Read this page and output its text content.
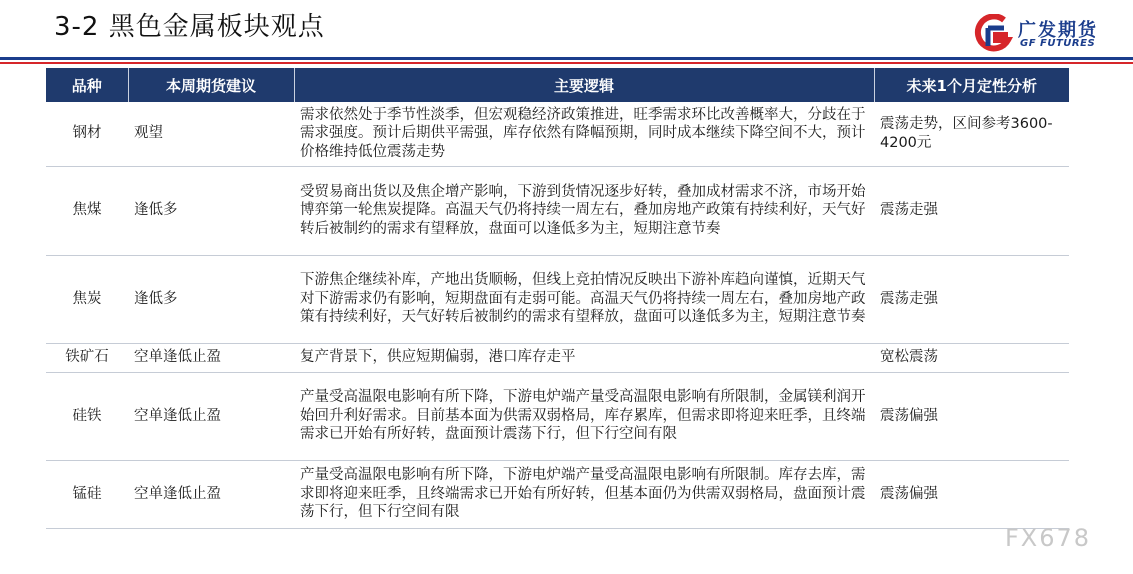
3-2 黑色金属板块观点	广发期货
GF FUTURES
品种	本周期货建议	主要逻辑	未来1个月定性分析
钢材	观望	需求依然处于季节性淡季，但宏观稳经济政策推进，旺季需求环比改善概率大，分歧在于需求强度。预计后期供平需强，库存依然有降幅预期，同时成本继续下降空间不大，预计价格维持低位震荡走势	震荡走势，区间参考3600-4200元
焦煤	逢低多	受贸易商出货以及焦企增产影响，下游到货情况逐步好转，叠加成材需求不济，市场开始博弈第一轮焦炭提降。高温天气仍将持续一周左右，叠加房地产政策有持续利好，天气好转后被制约的需求有望释放，盘面可以逢低多为主，短期注意节奏	震荡走强
焦炭	逢低多	下游焦企继续补库，产地出货顺畅，但线上竞拍情况反映出下游补库趋向谨慎，近期天气对下游需求仍有影响，短期盘面有走弱可能。高温天气仍将持续一周左右，叠加房地产政策有持续利好，天气好转后被制约的需求有望释放，盘面可以逢低多为主，短期注意节奏	震荡走强
铁矿石	空单逢低止盈	复产背景下，供应短期偏弱，港口库存走平	宽松震荡
硅铁	空单逢低止盈	产量受高温限电影响有所下降，下游电炉端产量受高温限电影响有所限制，金属镁利润开始回升利好需求。目前基本面为供需双弱格局，库存累库，但需求即将迎来旺季，且终端需求已开始有所好转，盘面预计震荡下行，但下行空间有限	震荡偏强
锰硅	空单逢低止盈	产量受高温限电影响有所下降，下游电炉端产量受高温限电影响有所限制。库存去库，需求即将迎来旺季，且终端需求已开始有所好转，但基本面仍为供需双弱格局，盘面预计震荡下行，但下行空间有限	震荡偏强
FX678
